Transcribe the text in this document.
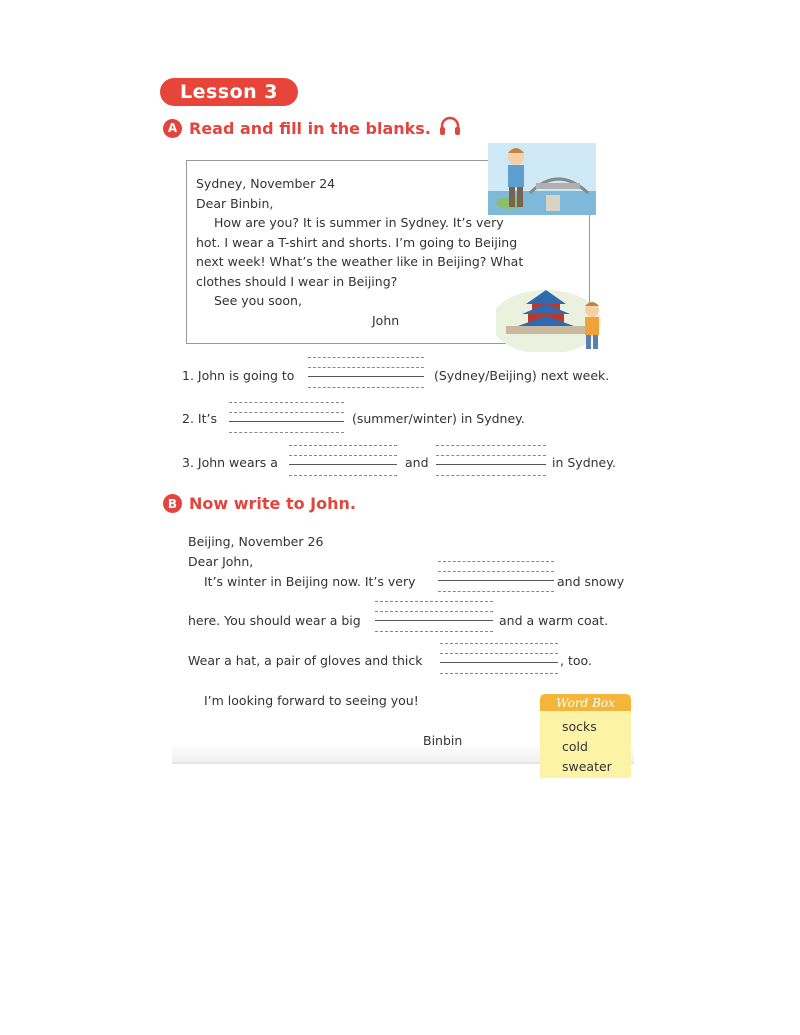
Lesson 3
A Read and fill in the blanks.
Sydney, November 24
Dear Binbin,
How are you? It is summer in Sydney. It’s very
hot. I wear a T-shirt and shorts. I’m going to Beijing
next week! What’s the weather like in Beijing? What
clothes should I wear in Beijing?
See you soon,
John
1. John is going to	(Sydney/Beijing) next week.
2. It’s	(summer/winter) in Sydney.
3. John wears a	and	in Sydney.
B Now write to John.
Beijing, November 26
Dear John,
It’s winter in Beijing now. It’s very	and snowy
here. You should wear a big	and a warm coat.
Wear a hat, a pair of gloves and thick	, too.
I’m looking forward to seeing you!
Binbin
Word Box
socks
cold
sweater
